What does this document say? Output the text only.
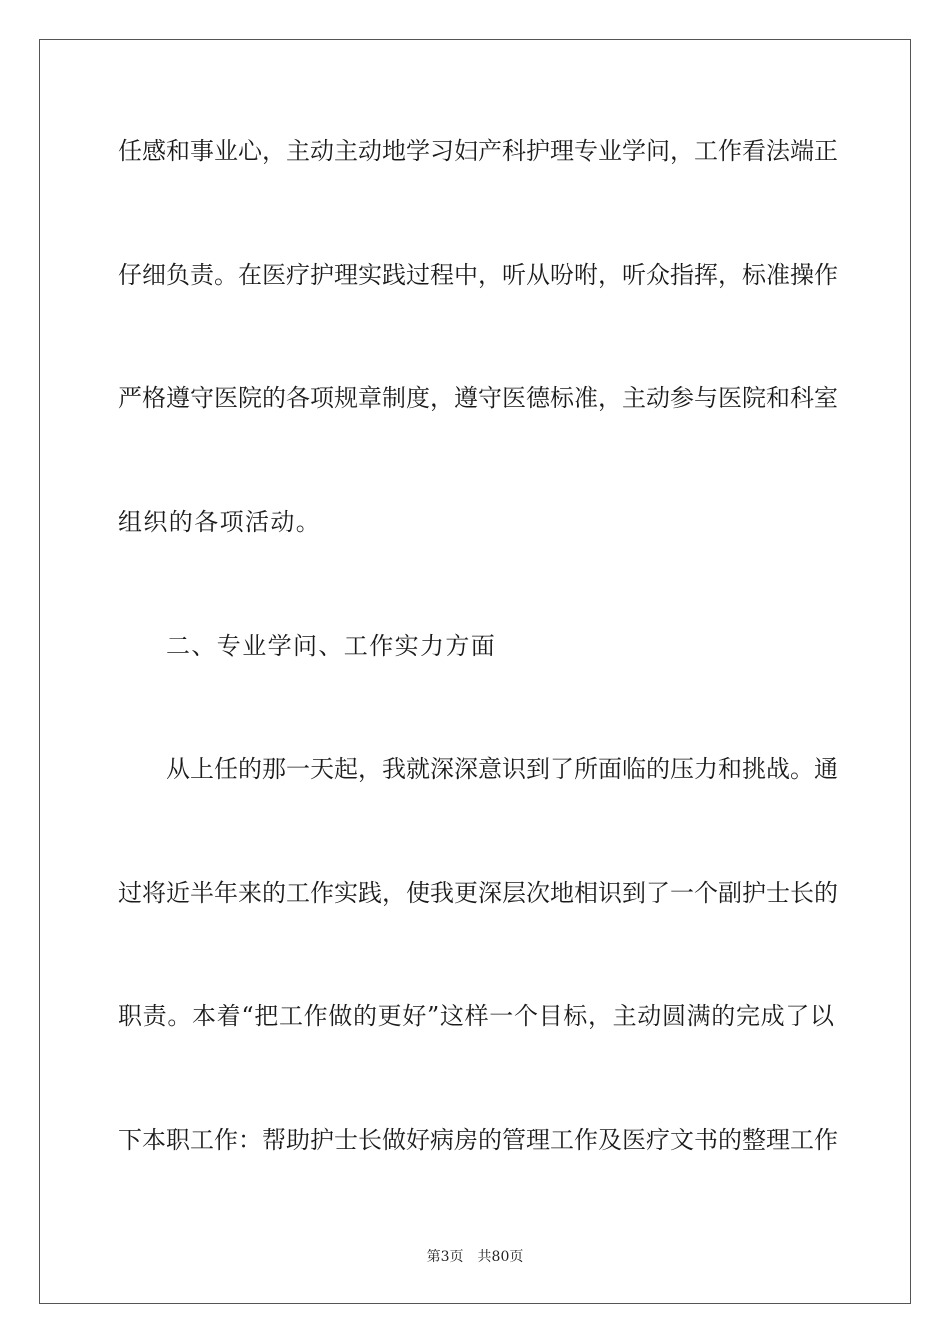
任感和事业心，主动主动地学习妇产科护理专业学问，工作看法端正
仔细负责。在医疗护理实践过程中，听从吩咐，听众指挥，标准操作
严格遵守医院的各项规章制度，遵守医德标准，主动参与医院和科室
组织的各项活动。
二、专业学问、工作实力方面
从上任的那一天起，我就深深意识到了所面临的压力和挑战。通
过将近半年来的工作实践，使我更深层次地相识到了一个副护士长的
职责。本着“把工作做的更好”这样一个目标，主动圆满的完成了以
下本职工作：帮助护士长做好病房的管理工作及医疗文书的整理工作
第3页　共80页
